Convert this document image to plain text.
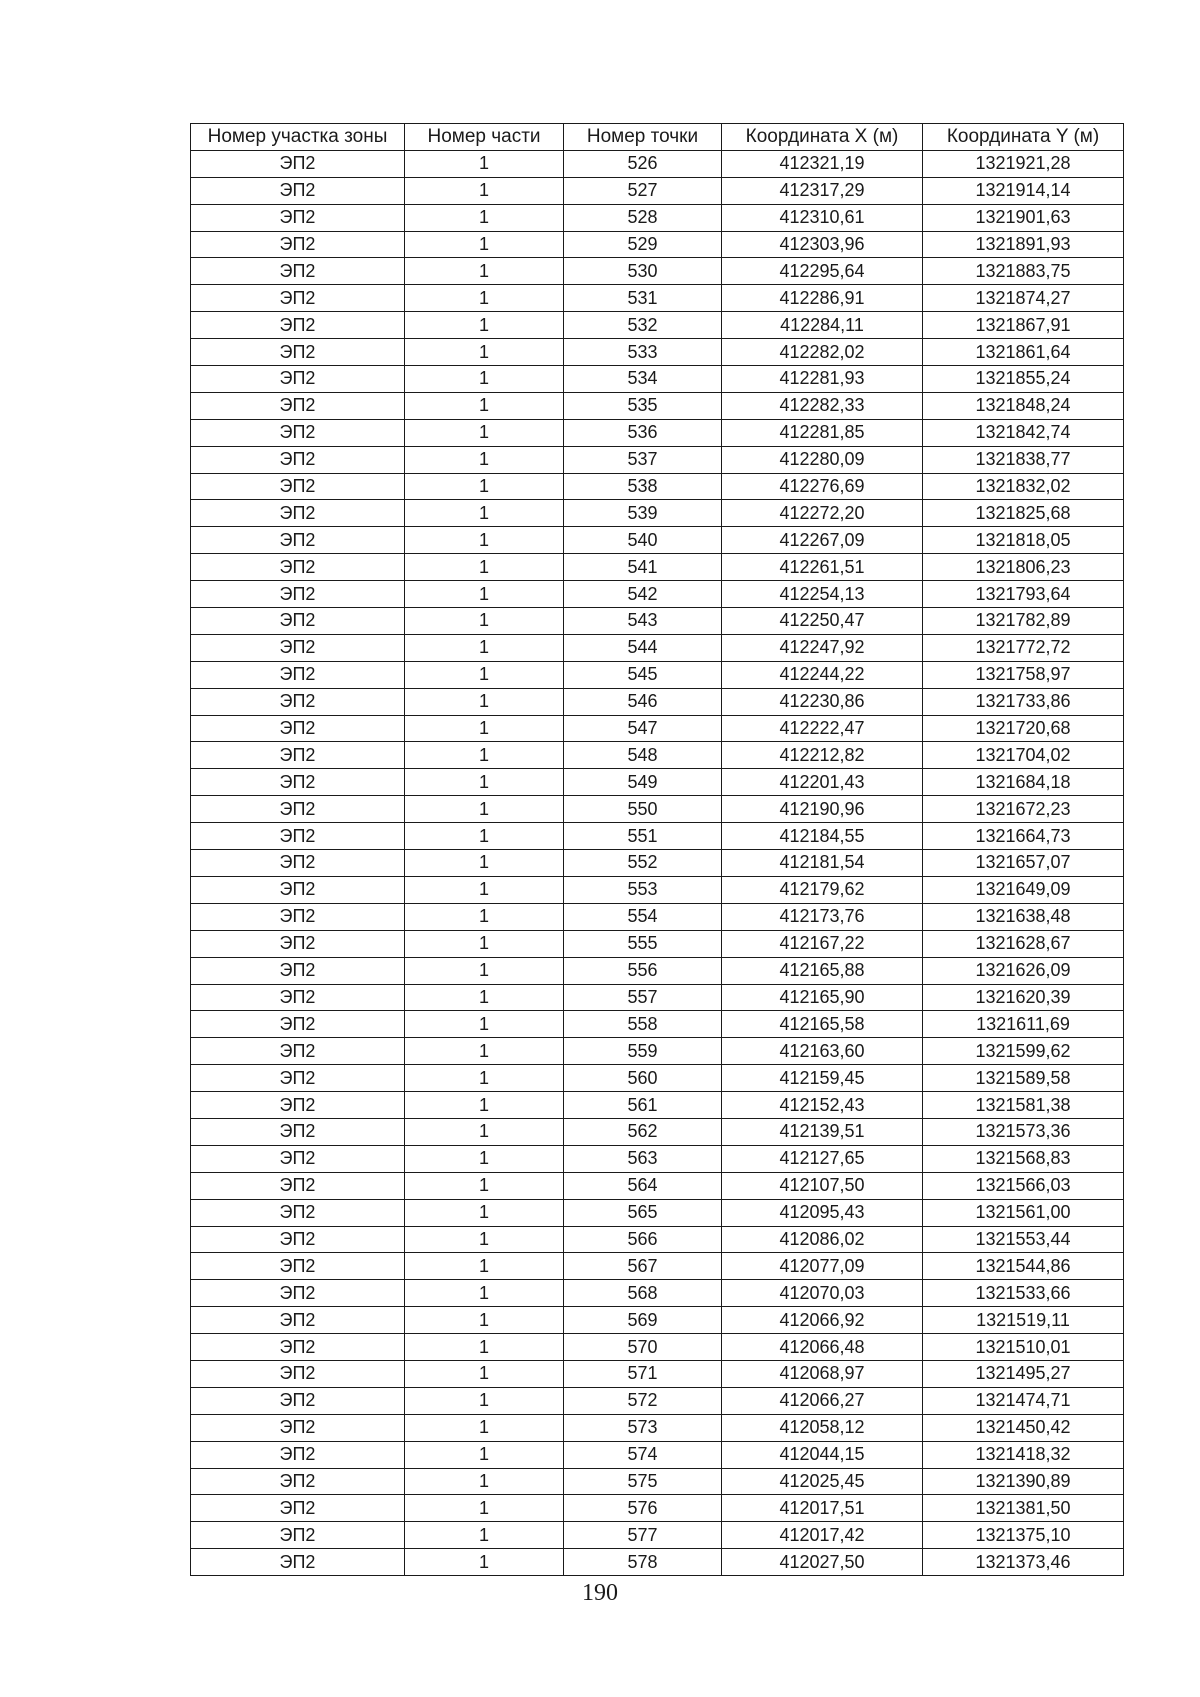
Номер участка зоны	Номер части	Номер точки	Координата X (м)	Координата Y (м)
ЭП2	1	526	412321,19	1321921,28
ЭП2	1	527	412317,29	1321914,14
ЭП2	1	528	412310,61	1321901,63
ЭП2	1	529	412303,96	1321891,93
ЭП2	1	530	412295,64	1321883,75
ЭП2	1	531	412286,91	1321874,27
ЭП2	1	532	412284,11	1321867,91
ЭП2	1	533	412282,02	1321861,64
ЭП2	1	534	412281,93	1321855,24
ЭП2	1	535	412282,33	1321848,24
ЭП2	1	536	412281,85	1321842,74
ЭП2	1	537	412280,09	1321838,77
ЭП2	1	538	412276,69	1321832,02
ЭП2	1	539	412272,20	1321825,68
ЭП2	1	540	412267,09	1321818,05
ЭП2	1	541	412261,51	1321806,23
ЭП2	1	542	412254,13	1321793,64
ЭП2	1	543	412250,47	1321782,89
ЭП2	1	544	412247,92	1321772,72
ЭП2	1	545	412244,22	1321758,97
ЭП2	1	546	412230,86	1321733,86
ЭП2	1	547	412222,47	1321720,68
ЭП2	1	548	412212,82	1321704,02
ЭП2	1	549	412201,43	1321684,18
ЭП2	1	550	412190,96	1321672,23
ЭП2	1	551	412184,55	1321664,73
ЭП2	1	552	412181,54	1321657,07
ЭП2	1	553	412179,62	1321649,09
ЭП2	1	554	412173,76	1321638,48
ЭП2	1	555	412167,22	1321628,67
ЭП2	1	556	412165,88	1321626,09
ЭП2	1	557	412165,90	1321620,39
ЭП2	1	558	412165,58	1321611,69
ЭП2	1	559	412163,60	1321599,62
ЭП2	1	560	412159,45	1321589,58
ЭП2	1	561	412152,43	1321581,38
ЭП2	1	562	412139,51	1321573,36
ЭП2	1	563	412127,65	1321568,83
ЭП2	1	564	412107,50	1321566,03
ЭП2	1	565	412095,43	1321561,00
ЭП2	1	566	412086,02	1321553,44
ЭП2	1	567	412077,09	1321544,86
ЭП2	1	568	412070,03	1321533,66
ЭП2	1	569	412066,92	1321519,11
ЭП2	1	570	412066,48	1321510,01
ЭП2	1	571	412068,97	1321495,27
ЭП2	1	572	412066,27	1321474,71
ЭП2	1	573	412058,12	1321450,42
ЭП2	1	574	412044,15	1321418,32
ЭП2	1	575	412025,45	1321390,89
ЭП2	1	576	412017,51	1321381,50
ЭП2	1	577	412017,42	1321375,10
ЭП2	1	578	412027,50	1321373,46
190
